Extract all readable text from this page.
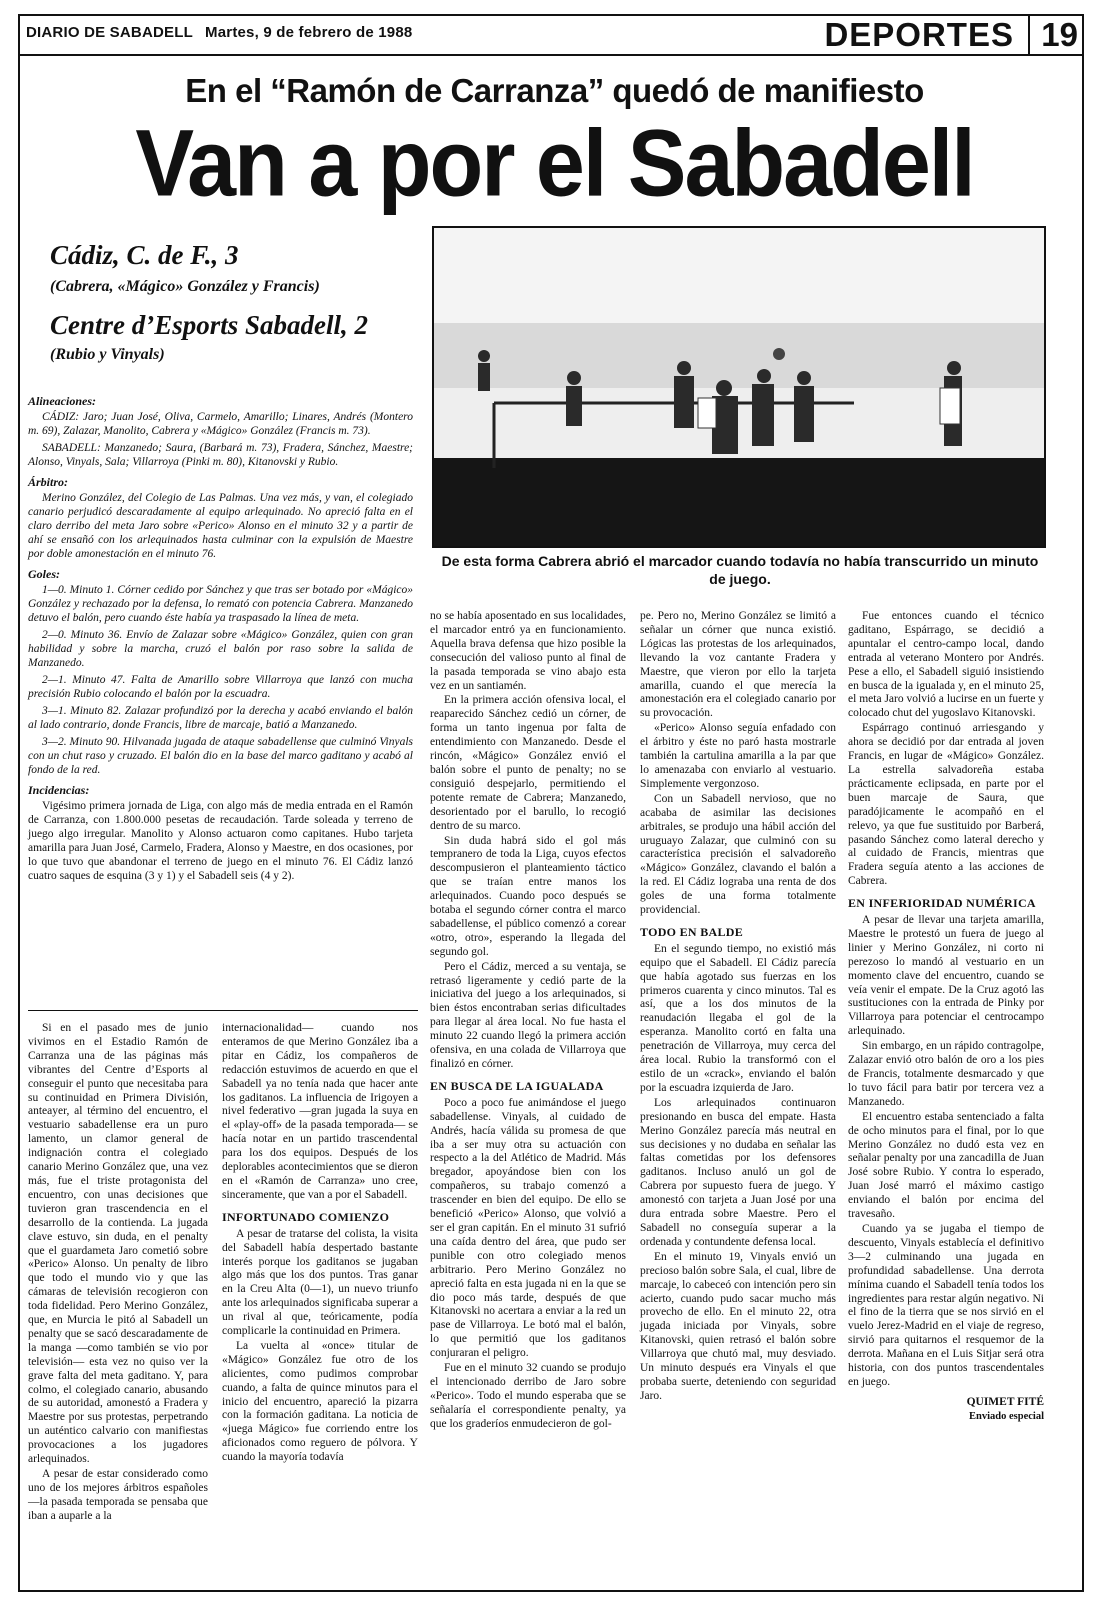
DIARIO DE SABADELL Martes, 9 de febrero de 1988	DEPORTES 19
En el “Ramón de Carranza” quedó de manifiesto
Van a por el Sabadell
Cádiz, C. de F., 3
(Cabrera, «Mágico» González y Francis)
Centre d’Esports Sabadell, 2
(Rubio y Vinyals)
Alineaciones:

CÁDIZ: Jaro; Juan José, Oliva, Carmelo, Amarillo; Linares, Andrés (Montero m. 69), Zalazar, Manolito, Cabrera y «Mágico» González (Francis m. 73).

SABADELL: Manzanedo; Saura, (Barbará m. 73), Fradera, Sánchez, Maestre; Alonso, Vinyals, Sala; Villarroya (Pinki m. 80), Kitanovski y Rubio.

Árbitro:

Merino González, del Colegio de Las Palmas. Una vez más, y van, el colegiado canario perjudicó descaradamente al equipo arlequinado. No apreció falta en el claro derribo del meta Jaro sobre «Perico» Alonso en el minuto 32 y a partir de ahí se ensañó con los arlequinados hasta culminar con la expulsión de Maestre por doble amonestación en el minuto 76.

Goles:

1—0. Minuto 1. Córner cedido por Sánchez y que tras ser botado por «Mágico» González y rechazado por la defensa, lo remató con potencia Cabrera. Manzanedo detuvo el balón, pero cuando éste había ya traspasado la línea de meta.

2—0. Minuto 36. Envío de Zalazar sobre «Mágico» González, quien con gran habilidad y sobre la marcha, cruzó el balón por raso sobre la salida de Manzanedo.

2—1. Minuto 47. Falta de Amarillo sobre Villarroya que lanzó con mucha precisión Rubio colocando el balón por la escuadra.

3—1. Minuto 82. Zalazar profundizó por la derecha y acabó enviando el balón al lado contrario, donde Francis, libre de marcaje, batió a Manzanedo.

3—2. Minuto 90. Hilvanada jugada de ataque sabadellense que culminó Vinyals con un chut raso y cruzado. El balón dio en la base del marco gaditano y acabó al fondo de la red.

Incidencias:

Vigésimo primera jornada de Liga, con algo más de media entrada en el Ramón de Carranza, con 1.800.000 pesetas de recaudación. Tarde soleada y terreno de juego algo irregular. Manolito y Alonso actuaron como capitanes. Hubo tarjeta amarilla para Juan José, Carmelo, Fradera, Alonso y Maestre, en dos ocasiones, por lo que tuvo que abandonar el terreno de juego en el minuto 76. El Cádiz lanzó cuatro saques de esquina (3 y 1) y el Sabadell seis (4 y 2).

De esta forma Cabrera abrió el marcador cuando todavía no había transcurrido un minuto de juego.

Si en el pasado mes de junio vivimos en el Estadio Ramón de Carranza una de las páginas más vibrantes del Centre d’Esports al conseguir el punto que necesitaba para su continuidad en Primera División, anteayer, al término del encuentro, el vestuario sabadellense era un puro lamento, un clamor general de indignación contra el colegiado canario Merino González que, una vez más, fue el triste protagonista del encuentro, con unas decisiones que tuvieron gran trascendencia en el desarrollo de la contienda. La jugada clave estuvo, sin duda, en el penalty que el guardameta Jaro cometió sobre «Perico» Alonso. Un penalty de libro que todo el mundo vio y que las cámaras de televisión recogieron con toda fidelidad. Pero Merino González, que, en Murcia le pitó al Sabadell un penalty que se sacó descaradamente de la manga —como también se vio por televisión— esta vez no quiso ver la grave falta del meta gaditano. Y, para colmo, el colegiado canario, abusando de su autoridad, amonestó a Fradera y Maestre por sus protestas, perpetrando un auténtico calvario con manifiestas provocaciones a los jugadores arlequinados.

A pesar de estar considerado como uno de los mejores árbitros españoles —la pasada temporada se pensaba que iban a auparle a la

internacionalidad— cuando nos enteramos de que Merino González iba a pitar en Cádiz, los compañeros de redacción estuvimos de acuerdo en que el Sabadell ya no tenía nada que hacer ante los gaditanos. La influencia de Irigoyen a nivel federativo —gran jugada la suya en el «play-off» de la pasada temporada— se hacía notar en un partido trascendental para los dos equipos. Después de los deplorables acontecimientos que se dieron en el «Ramón de Carranza» uno cree, sinceramente, que van a por el Sabadell.

INFORTUNADO COMIENZO

A pesar de tratarse del colista, la visita del Sabadell había despertado bastante interés porque los gaditanos se jugaban algo más que los dos puntos. Tras ganar en la Creu Alta (0—1), un nuevo triunfo ante los arlequinados significaba superar a un rival al que, teóricamente, podía complicarle la continuidad en Primera.

La vuelta al «once» titular de «Mágico» González fue otro de los alicientes, como pudimos comprobar cuando, a falta de quince minutos para el inicio del encuentro, apareció la pizarra con la formación gaditana. La noticia de «juega Mágico» fue corriendo entre los aficionados como reguero de pólvora. Y cuando la mayoría todavía

no se había aposentado en sus localidades, el marcador entró ya en funcionamiento. Aquella brava defensa que hizo posible la consecución del valioso punto al final de la pasada temporada se vino abajo esta vez en un santiamén.

En la primera acción ofensiva local, el reaparecido Sánchez cedió un córner, de forma un tanto ingenua por falta de entendimiento con Manzanedo. Desde el rincón, «Mágico» González envió el balón sobre el punto de penalty; no se consiguió despejarlo, permitiendo el potente remate de Cabrera; Manzanedo, desorientado por el barullo, lo recogió dentro de su marco.

Sin duda habrá sido el gol más tempranero de toda la Liga, cuyos efectos descompusieron el planteamiento táctico que se traían entre manos los arlequinados. Cuando poco después se botaba el segundo córner contra el marco sabadellense, el público comenzó a corear «otro, otro», esperando la llegada del segundo gol.

Pero el Cádiz, merced a su ventaja, se retrasó ligeramente y cedió parte de la iniciativa del juego a los arlequinados, si bien éstos encontraban serias dificultades para llegar al área local. No fue hasta el minuto 22 cuando llegó la primera acción ofensiva, en una colada de Villarroya que finalizó en córner.

EN BUSCA DE LA IGUALADA

Poco a poco fue animándose el juego sabadellense. Vinyals, al cuidado de Andrés, hacía válida su promesa de que iba a ser muy otra su actuación con respecto a la del Atlético de Madrid. Más bregador, apoyándose bien con los compañeros, su trabajo comenzó a trascender en bien del equipo. De ello se benefició «Perico» Alonso, que volvió a ser el gran capitán. En el minuto 31 sufrió una caída dentro del área, que pudo ser punible con otro colegiado menos arbitrario. Pero Merino González no apreció falta en esta jugada ni en la que se dio poco más tarde, después de que Kitanovski no acertara a enviar a la red un pase de Villarroya. Le botó mal el balón, lo que permitió que los gaditanos conjuraran el peligro.

Fue en el minuto 32 cuando se produjo el intencionado derribo de Jaro sobre «Perico». Todo el mundo esperaba que se señalaría el correspondiente penalty, ya que los graderíos enmudecieron de gol-

pe. Pero no, Merino González se limitó a señalar un córner que nunca existió. Lógicas las protestas de los arlequinados, llevando la voz cantante Fradera y Maestre, que vieron por ello la tarjeta amarilla, cuando el que merecía la amonestación era el colegiado canario por su provocación.

«Perico» Alonso seguía enfadado con el árbitro y éste no paró hasta mostrarle también la cartulina amarilla a la par que lo amenazaba con enviarlo al vestuario. Simplemente vergonzoso.

Con un Sabadell nervioso, que no acababa de asimilar las decisiones arbitrales, se produjo una hábil acción del uruguayo Zalazar, que culminó con su característica precisión el salvadoreño «Mágico» González, clavando el balón a la red. El Cádiz lograba una renta de dos goles de una forma totalmente providencial.

TODO EN BALDE

En el segundo tiempo, no existió más equipo que el Sabadell. El Cádiz parecía que había agotado sus fuerzas en los primeros cuarenta y cinco minutos. Tal es así, que a los dos minutos de la reanudación llegaba el gol de la esperanza. Manolito cortó en falta una penetración de Villarroya, muy cerca del área local. Rubio la transformó con el estilo de un «crack», enviando el balón por la escuadra izquierda de Jaro.

Los arlequinados continuaron presionando en busca del empate. Hasta Merino González parecía más neutral en sus decisiones y no dudaba en señalar las faltas cometidas por los defensores gaditanos. Incluso anuló un gol de Cabrera por supuesto fuera de juego. Y amonestó con tarjeta a Juan José por una dura entrada sobre Maestre. Pero el Sabadell no conseguía superar a la ordenada y contundente defensa local.

En el minuto 19, Vinyals envió un precioso balón sobre Sala, el cual, libre de marcaje, lo cabeceó con intención pero sin acierto, cuando pudo sacar mucho más provecho de ello. En el minuto 22, otra jugada iniciada por Vinyals, sobre Kitanovski, quien retrasó el balón sobre Villarroya que chutó mal, muy desviado. Un minuto después era Vinyals el que probaba suerte, deteniendo con seguridad Jaro.

Fue entonces cuando el técnico gaditano, Espárrago, se decidió a apuntalar el centro-campo local, dando entrada al veterano Montero por Andrés. Pese a ello, el Sabadell siguió insistiendo en busca de la igualada y, en el minuto 25, el meta Jaro volvió a lucirse en un fuerte y colocado chut del yugoslavo Kitanovski.

Espárrago continuó arriesgando y ahora se decidió por dar entrada al joven Francis, en lugar de «Mágico» González. La estrella salvadoreña estaba prácticamente eclipsada, en parte por el buen marcaje de Saura, que paradójicamente le acompañó en el relevo, ya que fue sustituido por Barberá, pasando Sánchez como lateral derecho y al cuidado de Francis, mientras que Fradera seguía atento a las acciones de Cabrera.

EN INFERIORIDAD NUMÉRICA

A pesar de llevar una tarjeta amarilla, Maestre le protestó un fuera de juego al linier y Merino González, ni corto ni perezoso lo mandó al vestuario en un momento clave del encuentro, cuando se veía venir el empate. De la Cruz agotó las sustituciones con la entrada de Pinky por Villarroya para potenciar el centrocampo arlequinado.

Sin embargo, en un rápido contragolpe, Zalazar envió otro balón de oro a los pies de Francis, totalmente desmarcado y que lo tuvo fácil para batir por tercera vez a Manzanedo.

El encuentro estaba sentenciado a falta de ocho minutos para el final, por lo que Merino González no dudó esta vez en señalar penalty por una zancadilla de Juan José sobre Rubio. Y contra lo esperado, Juan José marró el máximo castigo enviando el balón por encima del travesaño.

Cuando ya se jugaba el tiempo de descuento, Vinyals establecía el definitivo 3—2 culminando una jugada en profundidad sabadellense. Una derrota mínima cuando el Sabadell tenía todos los ingredientes para restar algún negativo. Ni el fino de la tierra que se nos sirvió en el vuelo Jerez-Madrid en el viaje de regreso, sirvió para quitarnos el resquemor de la derrota. Mañana en el Luis Sitjar será otra historia, con dos puntos trascendentales en juego.

QUIMET FITÉ
Enviado especial
